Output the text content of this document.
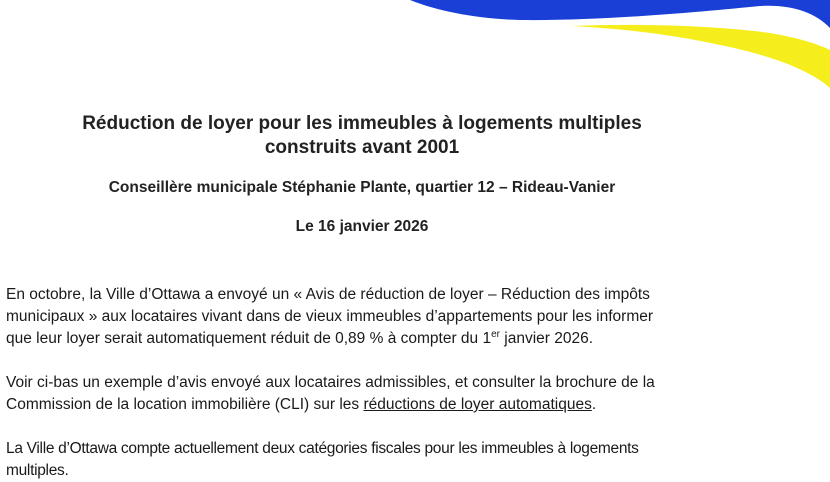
Réduction de loyer pour les immeubles à logements multiples
construits avant 2001
Conseillère municipale Stéphanie Plante, quartier 12 – Rideau-Vanier
Le 16 janvier 2026
En octobre, la Ville d’Ottawa a envoyé un « Avis de réduction de loyer – Réduction des impôts
municipaux » aux locataires vivant dans de vieux immeubles d’appartements pour les informer
que leur loyer serait automatiquement réduit de 0,89 % à compter du 1er janvier 2026.
Voir ci-bas un exemple d’avis envoyé aux locataires admissibles, et consulter la brochure de la
Commission de la location immobilière (CLI) sur les réductions de loyer automatiques.
La Ville d’Ottawa compte actuellement deux catégories fiscales pour les immeubles à logements
multiples.
